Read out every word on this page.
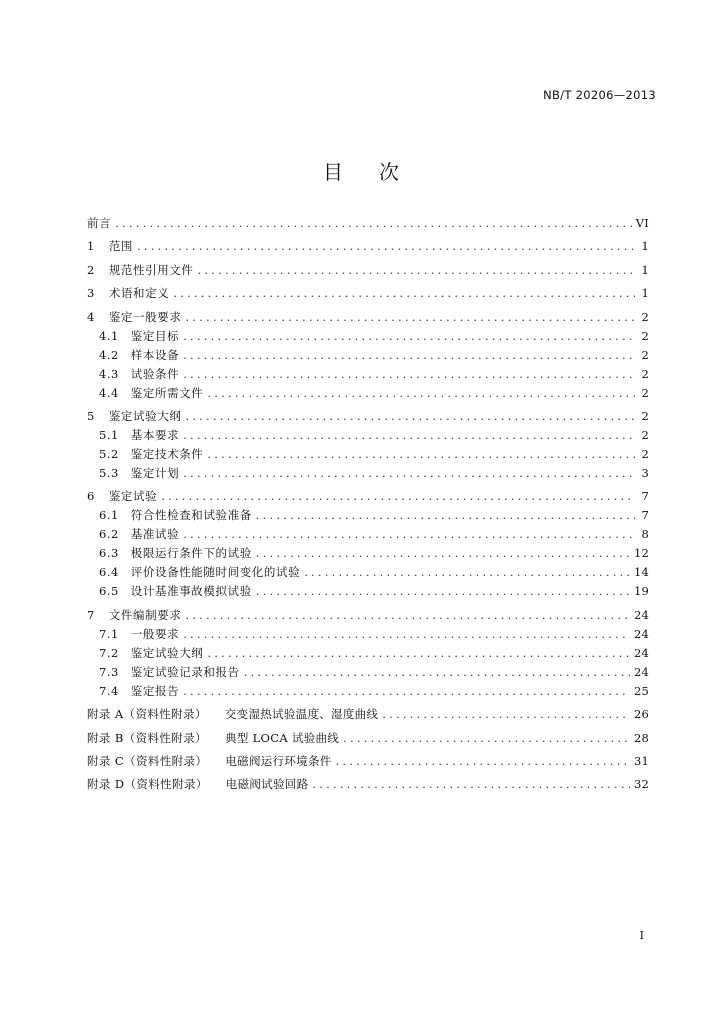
NB/T 20206—2013
目 次
前言 .....	VI
1	范围 .....	1
2	规范性引用文件 .....	1
3	术语和定义 .....	1
4	鉴定一般要求 .....	2
4.1	鉴定目标 .....	2
4.2	样本设备 .....	2
4.3	试验条件 .....	2
4.4	鉴定所需文件 .....	2
5	鉴定试验大纲 .....	2
5.1	基本要求 .....	2
5.2	鉴定技术条件 .....	2
5.3	鉴定计划 .....	3
6	鉴定试验 .....	7
6.1	符合性检查和试验准备 .....	7
6.2	基准试验 .....	8
6.3	极限运行条件下的试验 .....	12
6.4	评价设备性能随时间变化的试验 .....	14
6.5	设计基准事故模拟试验 .....	19
7	文件编制要求 .....	24
7.1	一般要求 .....	24
7.2	鉴定试验大纲 .....	24
7.3	鉴定试验记录和报告 .....	24
7.4	鉴定报告 .....	25
附录 A（资料性附录）	交变湿热试验温度、湿度曲线 .....	26
附录 B（资料性附录）	典型 LOCA 试验曲线 .....	28
附录 C（资料性附录）	电磁阀运行环境条件 .....	31
附录 D（资料性附录）	电磁阀试验回路 .....	32
I
